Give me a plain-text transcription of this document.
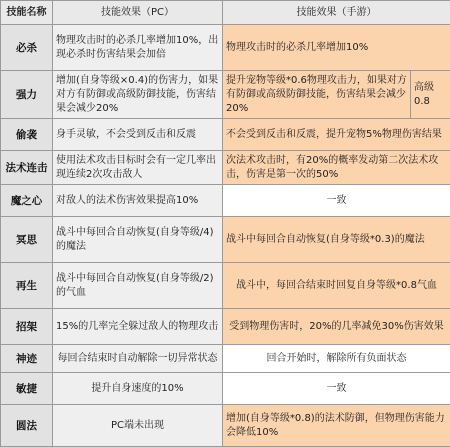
技能名称	技能效果（PC）	技能效果（手游）	
必杀	物理攻击时的必杀几率增加10%，出现必杀时伤害结果会加倍	物理攻击时的必杀几率增加10%	
强力	增加(自身等级×0.4)的伤害力，如果对方有防御或高级防御技能，伤害结果会减少20%	提升宠物等级*0.6物理攻击力，如果对方有防御或高级防御技能，伤害结果会减少20%	高级0.8
偷袭	身手灵敏，不会受到反击和反震	不会受到反击和反震，提升宠物5%物理伤害结果	
法术连击	使用法术攻击目标时会有一定几率出现连续2次攻击敌人	次法术攻击时，有20%的概率发动第二次法术攻击，伤害是第一次的50%	
魔之心	对敌人的法术伤害效果提高10%	一致	
冥思	战斗中每回合自动恢复(自身等级/4)的魔法	战斗中每回合自动恢复(自身等级*0.3)的魔法	
再生	战斗中每回合自动恢复(自身等级/2)的气血	战斗中，每回合结束时回复自身等级*0.8气血	
招架	15%的几率完全躲过敌人的物理攻击	受到物理伤害时，20%的几率减免30%伤害效果	
神迹	每回合结束时自动解除一切异常状态	回合开始时，解除所有负面状态	
敏捷	提升自身速度的10%	一致	
圆法	PC端未出现	增加(自身等级*0.8)的法术防御，但物理伤害能力会降低10%	
